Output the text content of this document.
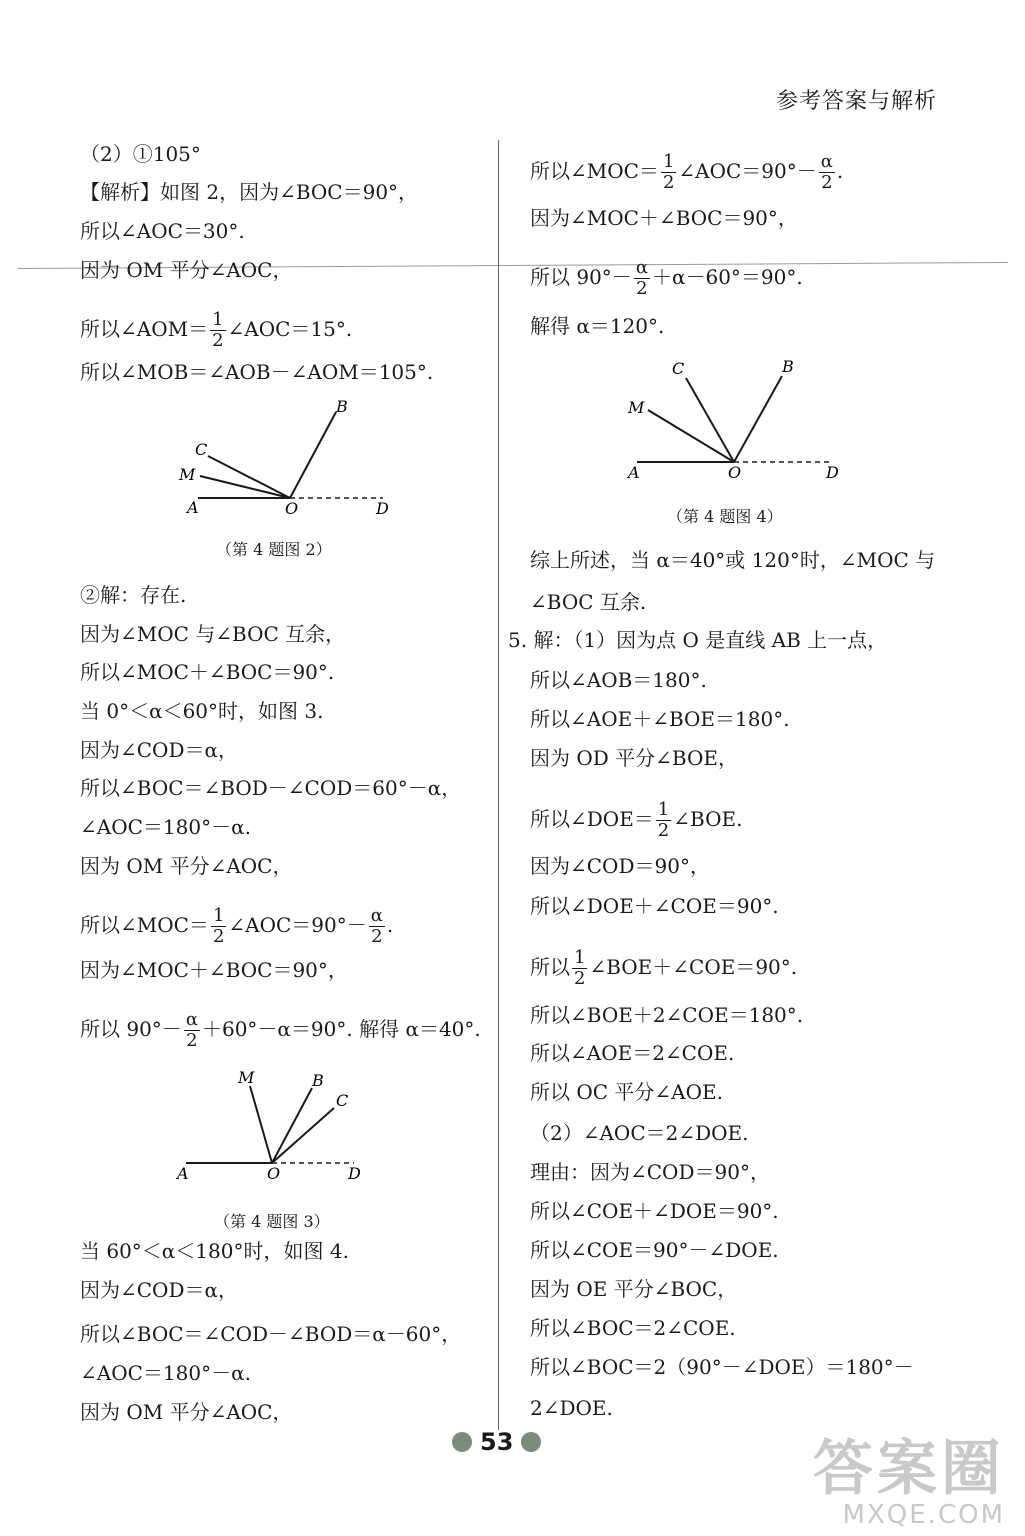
参考答案与解析
（2）①105°
【解析】如图 2，因为∠BOC＝90°，
所以∠AOC＝30°.
因为 OM 平分∠AOC，
所以∠AOM＝ $\frac{1}{2}$ ∠AOC＝15°.
所以∠MOB＝∠AOB－∠AOM＝105°.
②解：存在.
因为∠MOC 与∠BOC 互余，
所以∠MOC＋∠BOC＝90°.
当 0°＜α＜60°时，如图 3.
因为∠COD＝α，
所以∠BOC＝∠BOD－∠COD＝60°－α，
∠AOC＝180°－α.
因为 OM 平分∠AOC，
所以∠MOC＝ $\frac{1}{2}$ ∠AOC＝90°－ $\frac{\alpha}{2}$ .
因为∠MOC＋∠BOC＝90°，
所以 $90^\circ- \frac{\alpha}{2} +60^\circ-\alpha=90^\circ$. 解得 α＝40°.
当 60°＜α＜180°时，如图 4.
因为∠COD＝α，
所以∠BOC＝∠COD－∠BOD＝α－60°，
∠AOC＝180°－α.
因为 OM 平分∠AOC，
所以∠MOC＝ $\frac{1}{2}$ ∠AOC＝90°－ $\frac{\alpha}{2}$ .
因为∠MOC＋∠BOC＝90°，
所以 $90^\circ- \frac{\alpha}{2} +\alpha-60^\circ=90^\circ$.
解得 α＝120°.
综上所述，当 α＝40°或 120°时，∠MOC 与
∠BOC 互余.
5. 解：（1）因为点 O 是直线 AB 上一点，
所以∠AOB＝180°.
所以∠AOE＋∠BOE＝180°.
因为 OD 平分∠BOE，
所以∠DOE＝ $\frac{1}{2}$ ∠BOE.
因为∠COD＝90°，
所以∠DOE＋∠COE＝90°.
所以 $\frac{1}{2}$ ∠BOE＋∠COE＝90°.
所以∠BOE＋2∠COE＝180°.
所以∠AOE＝2∠COE.
所以 OC 平分∠AOE.
（2）∠AOC＝2∠DOE.
理由：因为∠COD＝90°，
所以∠COE＋∠DOE＝90°.
所以∠COE＝90°－∠DOE.
因为 OE 平分∠BOC，
所以∠BOC＝2∠COE.
所以∠BOC＝2（90°－∠DOE）＝180°－
2∠DOE.
B
C
M
A	O	D
（第 4 题图 2）
M	B
C
A	O	D
（第 4 题图 3）
C	B
M
A	O	D
（第 4 题图 4）
53	答案圈
MXQE.COM
